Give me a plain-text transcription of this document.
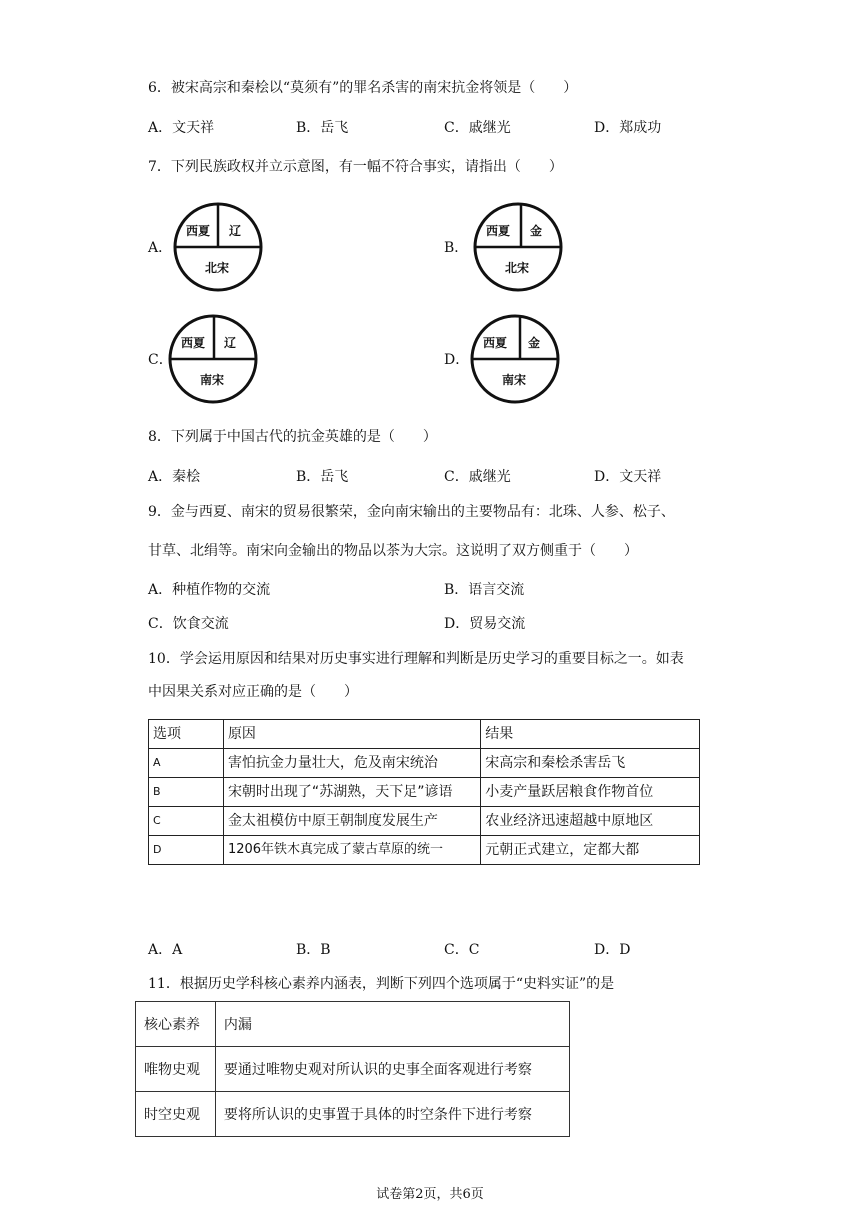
6．被宋高宗和秦桧以“莫须有”的罪名杀害的南宋抗金将领是（　　）
A．文天祥	B．岳飞	C．戚继光	D．郑成功
7．下列民族政权并立示意图，有一幅不符合事实，请指出（　　）
A．
西夏 辽
北宋
B．
西夏 金
北宋
C．
西夏 辽
南宋
D．
西夏 金
南宋
8．下列属于中国古代的抗金英雄的是（　　）
A．秦桧	B．岳飞	C．戚继光	D．文天祥
9．金与西夏、南宋的贸易很繁荣，金向南宋输出的主要物品有：北珠、人参、松子、
甘草、北绢等。南宋向金输出的物品以茶为大宗。这说明了双方侧重于（　　）
A．种植作物的交流	B．语言交流
C．饮食交流	D．贸易交流
10．学会运用原因和结果对历史事实进行理解和判断是历史学习的重要目标之一。如表
中因果关系对应正确的是（　　）
选项	原因	结果
A	害怕抗金力量壮大，危及南宋统治	宋高宗和秦桧杀害岳飞
B	宋朝时出现了“苏湖熟，天下足”谚语	小麦产量跃居粮食作物首位
C	金太祖模仿中原王朝制度发展生产	农业经济迅速超越中原地区
D	1206年铁木真完成了蒙古草原的统一	元朝正式建立，定都大都
A．A	B．B	C．C	D．D
11．根据历史学科核心素养内涵表，判断下列四个选项属于“史料实证”的是
核心素养	内漏
唯物史观	要通过唯物史观对所认识的史事全面客观进行考察
时空史观	要将所认识的史事置于具体的时空条件下进行考察
试卷第2页，共6页
